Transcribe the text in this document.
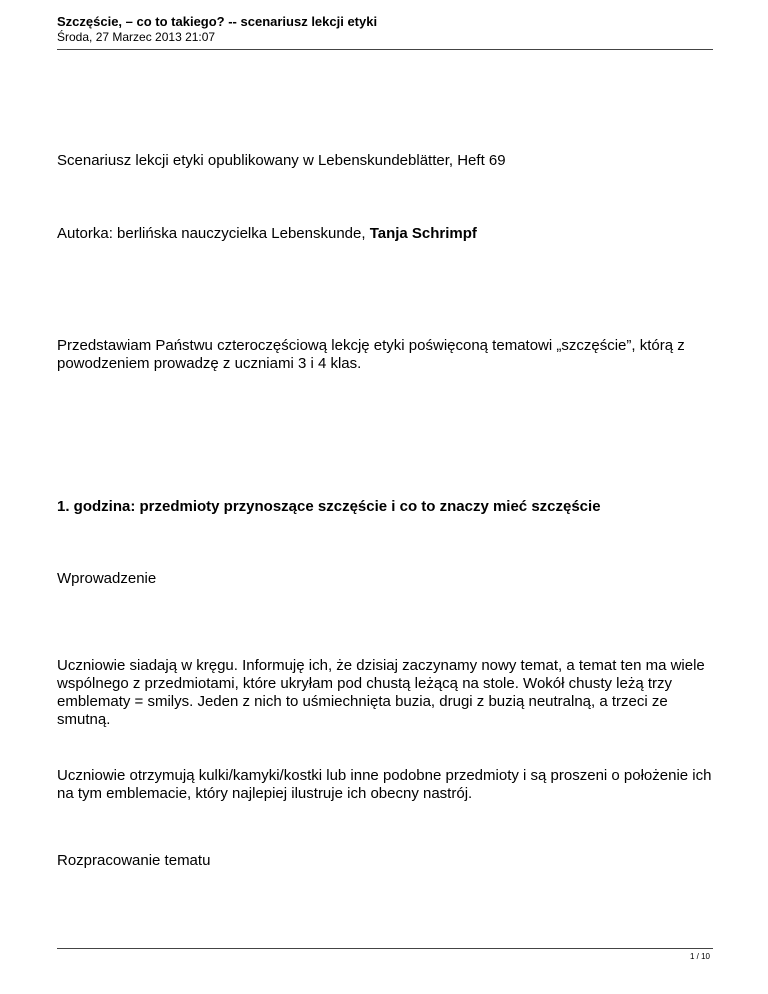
Szczęście, – co to takiego? -- scenariusz lekcji etyki

Środa, 27 Marzec 2013 21:07

Scenariusz lekcji etyki opublikowany w Lebenskundeblätter, Heft 69

Autorka: berlińska nauczycielka Lebenskunde, Tanja Schrimpf

Przedstawiam Państwu czteroczęściową lekcję etyki poświęconą tematowi „szczęście”, którą z powodzeniem prowadzę z uczniami 3 i 4 klas.

1. godzina: przedmioty przynoszące szczęście i co to znaczy mieć szczęście

Wprowadzenie

Uczniowie siadają w kręgu. Informuję ich, że dzisiaj zaczynamy nowy temat, a temat ten ma wiele wspólnego z przedmiotami, które ukryłam pod chustą leżącą na stole. Wokół chusty leżą trzy emblematy = smilys. Jeden z nich to uśmiechnięta buzia, drugi z buzią neutralną, a trzeci ze smutną.

Uczniowie otrzymują kulki/kamyki/kostki lub inne podobne przedmioty i są proszeni o położenie ich na tym emblemacie, który najlepiej ilustruje ich obecny nastrój.

Rozpracowanie tematu

1 / 10
